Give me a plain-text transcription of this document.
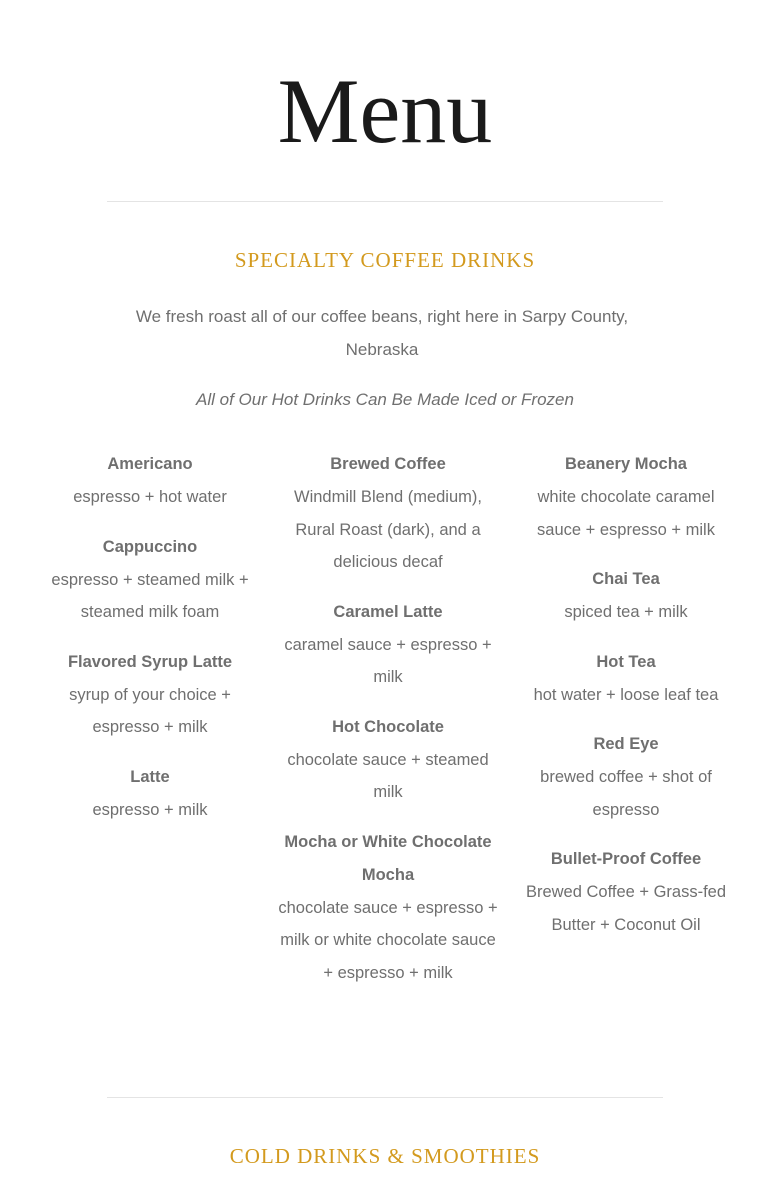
Menu
SPECIALTY COFFEE DRINKS

We fresh roast all of our coffee beans, right here in Sarpy County, Nebraska

All of Our Hot Drinks Can Be Made Iced or Frozen

Americano
espresso + hot water
Cappuccino
espresso + steamed milk + steamed milk foam
Flavored Syrup Latte
syrup of your choice + espresso + milk
Latte
espresso + milk
Brewed Coffee
Windmill Blend (medium), Rural Roast (dark), and a delicious decaf
Caramel Latte
caramel sauce + espresso + milk
Hot Chocolate
chocolate sauce + steamed milk
Mocha or White Chocolate Mocha
chocolate sauce + espresso + milk or white chocolate sauce + espresso + milk
Beanery Mocha
white chocolate caramel sauce + espresso + milk
Chai Tea
spiced tea + milk
Hot Tea
hot water + loose leaf tea
Red Eye
brewed coffee + shot of espresso
Bullet-Proof Coffee
Brewed Coffee + Grass-fed Butter + Coconut Oil
COLD DRINKS & SMOOTHIES
